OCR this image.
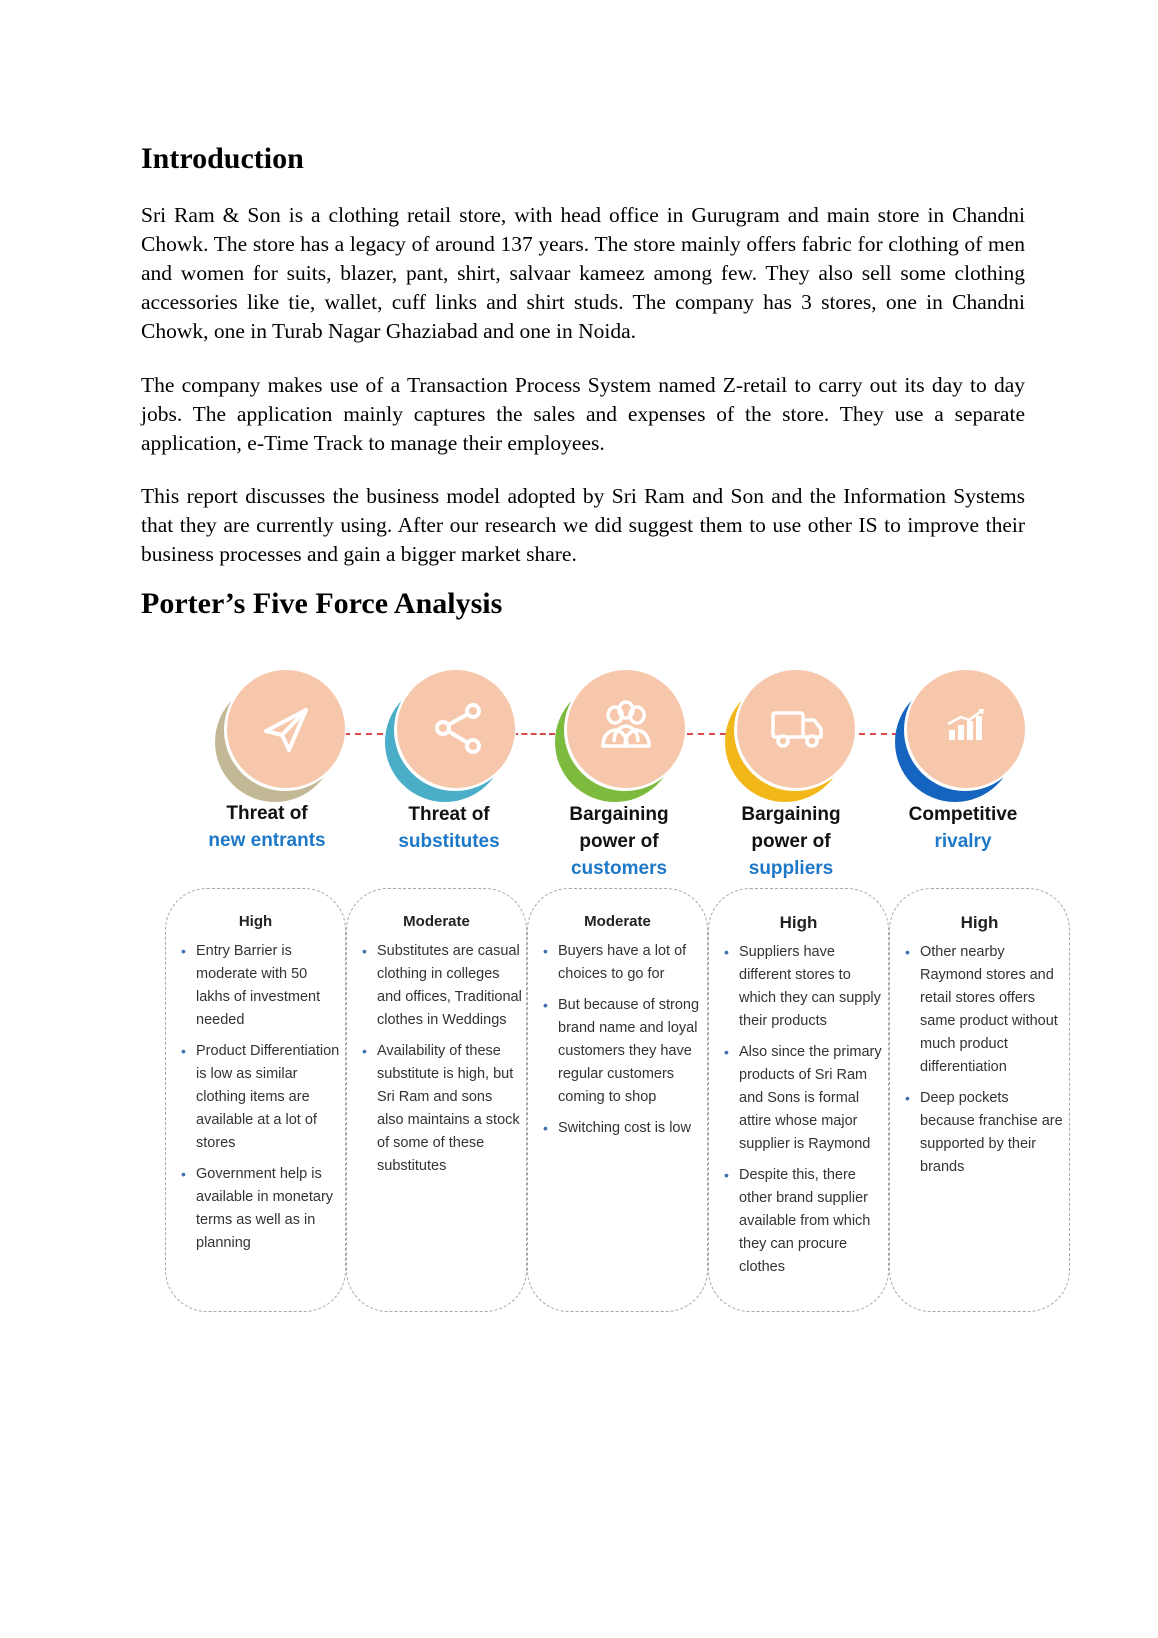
Introduction

Sri Ram & Son is a clothing retail store, with head office in Gurugram and main store in Chandni Chowk. The store has a legacy of around 137 years. The store mainly offers fabric for clothing of men and women for suits, blazer, pant, shirt, salvaar kameez among few. They also sell some clothing accessories like tie, wallet, cuff links and shirt studs. The company has 3 stores, one in Chandni Chowk, one in Turab Nagar Ghaziabad and one in Noida.

The company makes use of a Transaction Process System named Z-retail to carry out its day to day jobs. The application mainly captures the sales and expenses of the store. They use a separate application, e-Time Track to manage their employees.

This report discusses the business model adopted by Sri Ram and Son and the Information Systems that they are currently using. After our research we did suggest them to use other IS to improve their business processes and gain a bigger market share.

Porter’s Five Force Analysis
Threat of
new entrants
Threat of
substitutes
Bargaining
power of
customers
Bargaining
power of
suppliers
Competitive
rivalry
High
• Entry Barrier is moderate with 50 lakhs of investment needed
• Product Differentiation is low as similar clothing items are available at a lot of stores
• Government help is available in monetary terms as well as in planning
Moderate
• Substitutes are casual clothing in colleges and offices, Traditional clothes in Weddings
• Availability of these substitute is high, but Sri Ram and sons also maintains a stock of some of these substitutes
Moderate
• Buyers have a lot of choices to go for
• But because of strong brand name and loyal customers they have regular customers coming to shop
• Switching cost is low
High
• Suppliers have different stores to which they can supply their products
• Also since the primary products of Sri Ram and Sons is formal attire whose major supplier is Raymond
• Despite this, there other brand supplier available from which they can procure clothes
High
• Other nearby Raymond stores and retail stores offers same product without much product differentiation
• Deep pockets because franchise are supported by their brands
